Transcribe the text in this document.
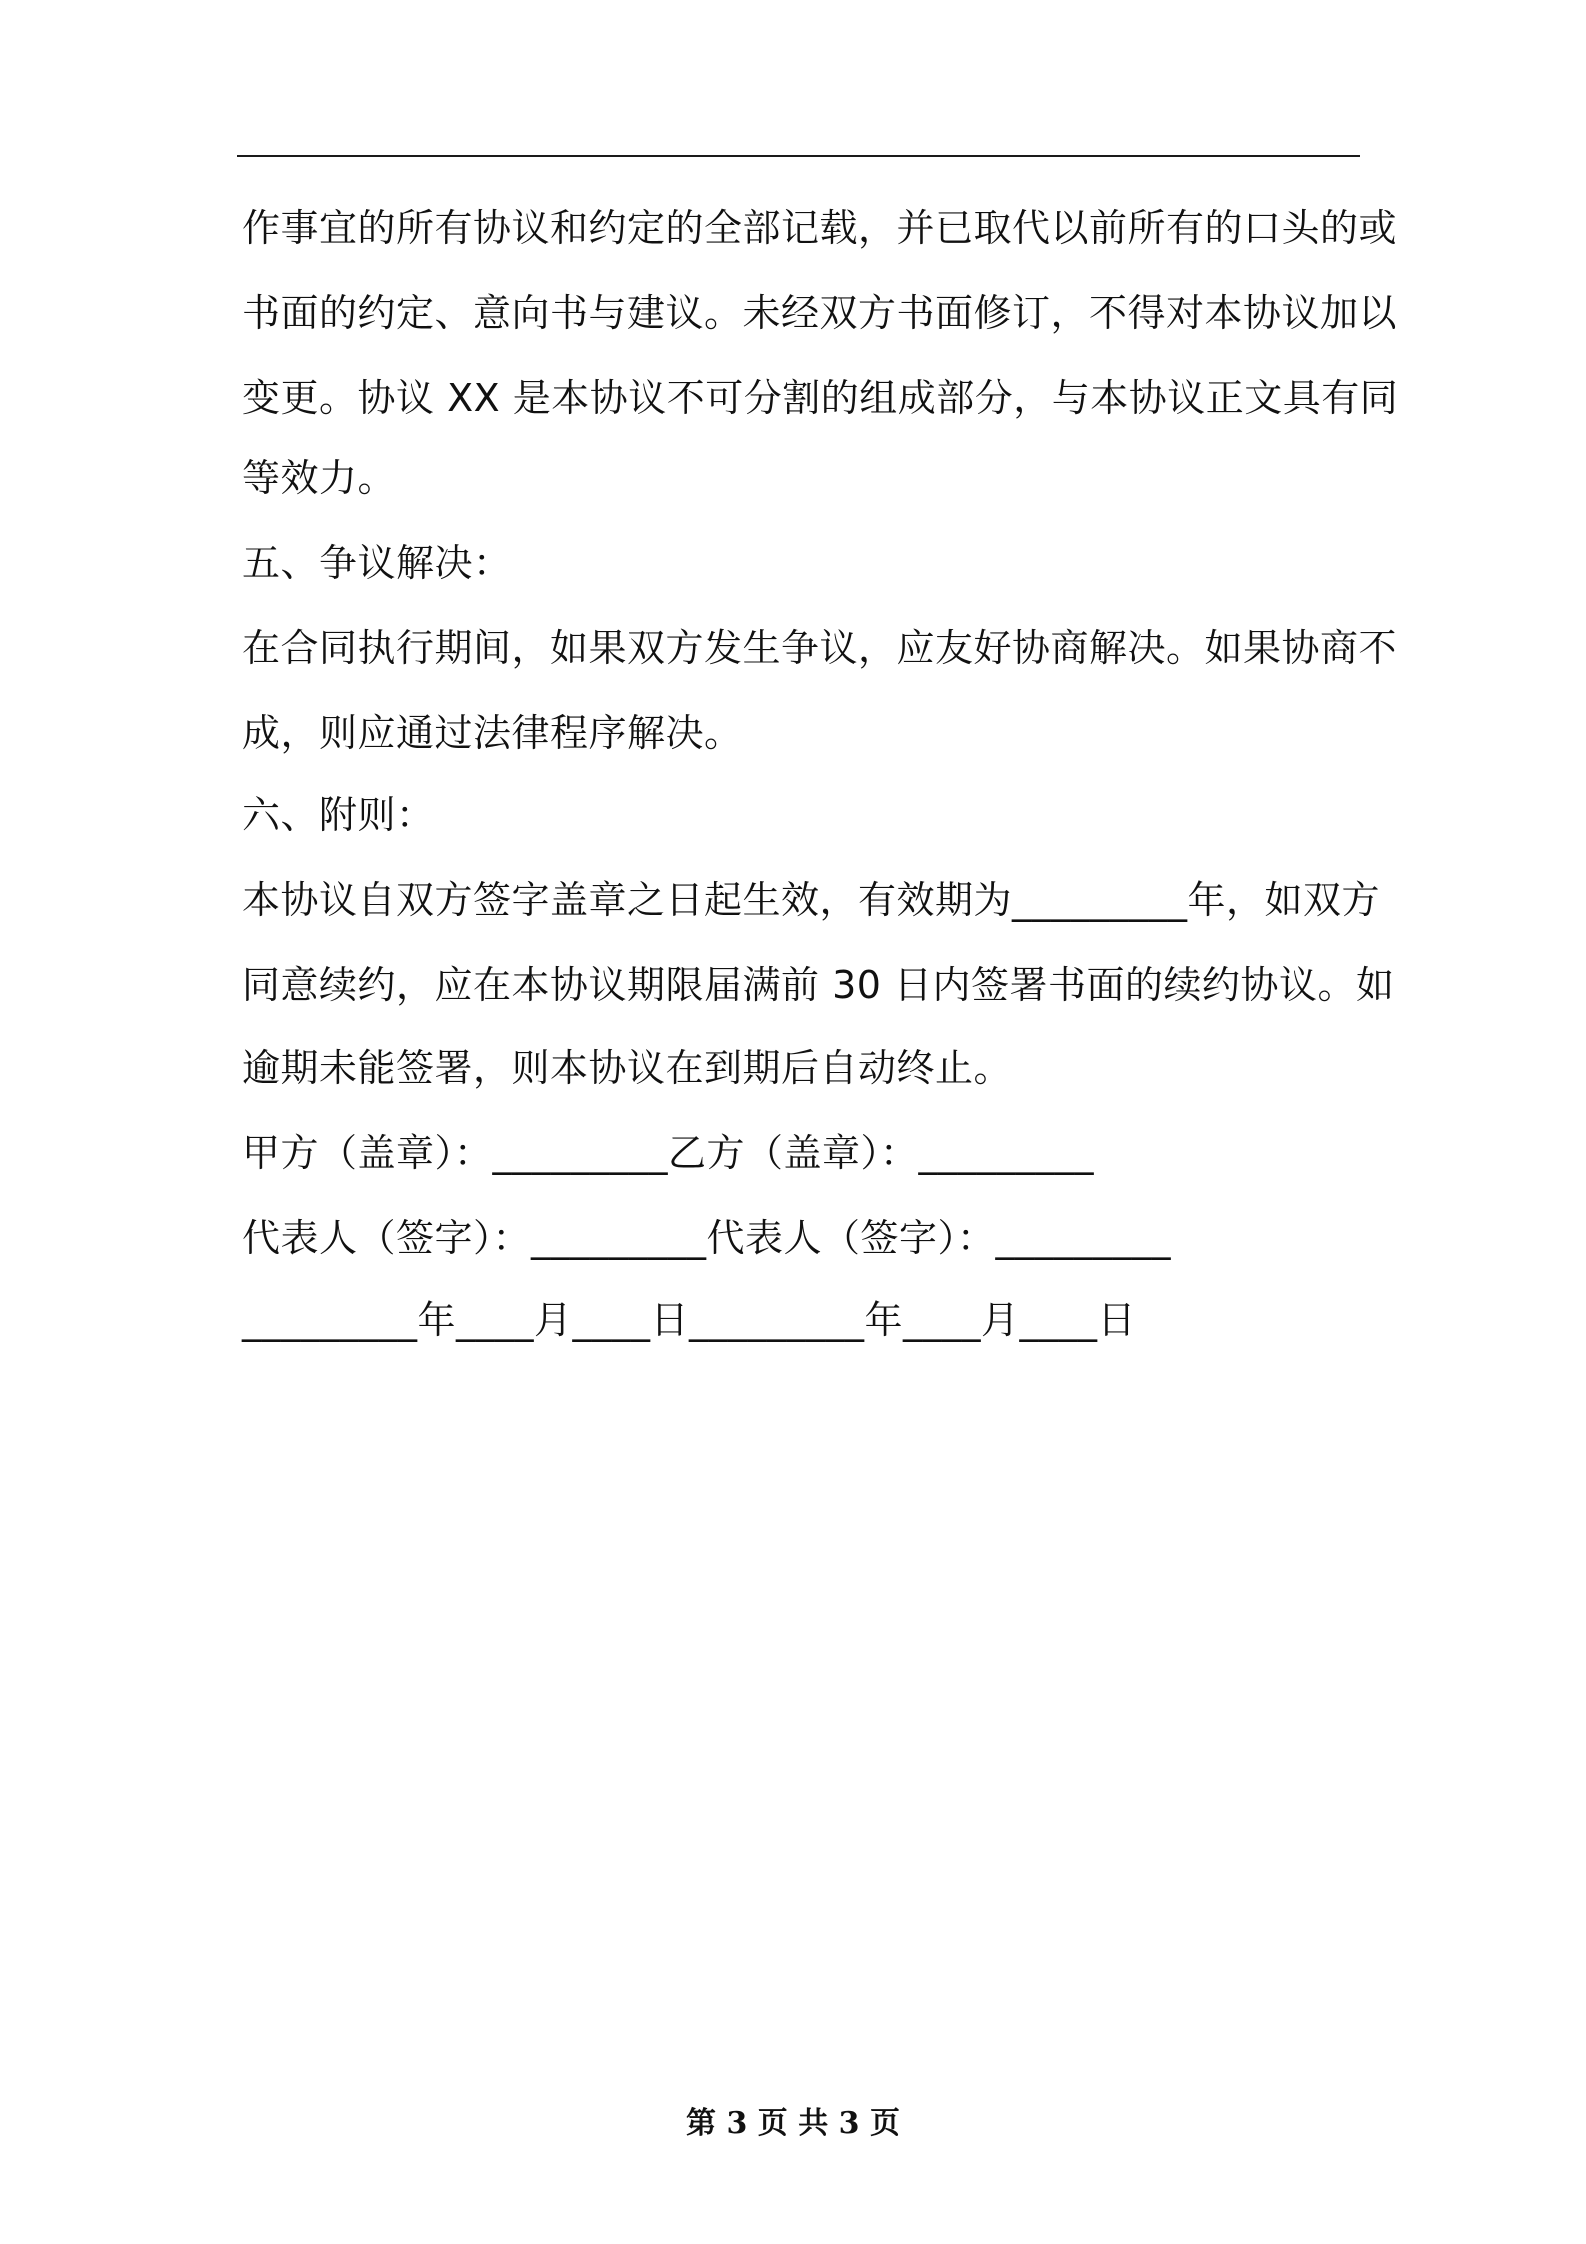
作事宜的所有协议和约定的全部记载，并已取代以前所有的口头的或
书面的约定、意向书与建议。未经双方书面修订，不得对本协议加以
变更。协议 XX 是本协议不可分割的组成部分，与本协议正文具有同
等效力。
五、争议解决：
在合同执行期间，如果双方发生争议，应友好协商解决。如果协商不
成，则应通过法律程序解决。
六、附则：
本协议自双方签字盖章之日起生效，有效期为_________年，如双方
同意续约，应在本协议期限届满前 30 日内签署书面的续约协议。如
逾期未能签署，则本协议在到期后自动终止。
甲方（盖章）：_________乙方（盖章）：_________
代表人（签字）：_________代表人（签字）：_________
_________年____月____日_________年____月____日
第 3 页 共 3 页
